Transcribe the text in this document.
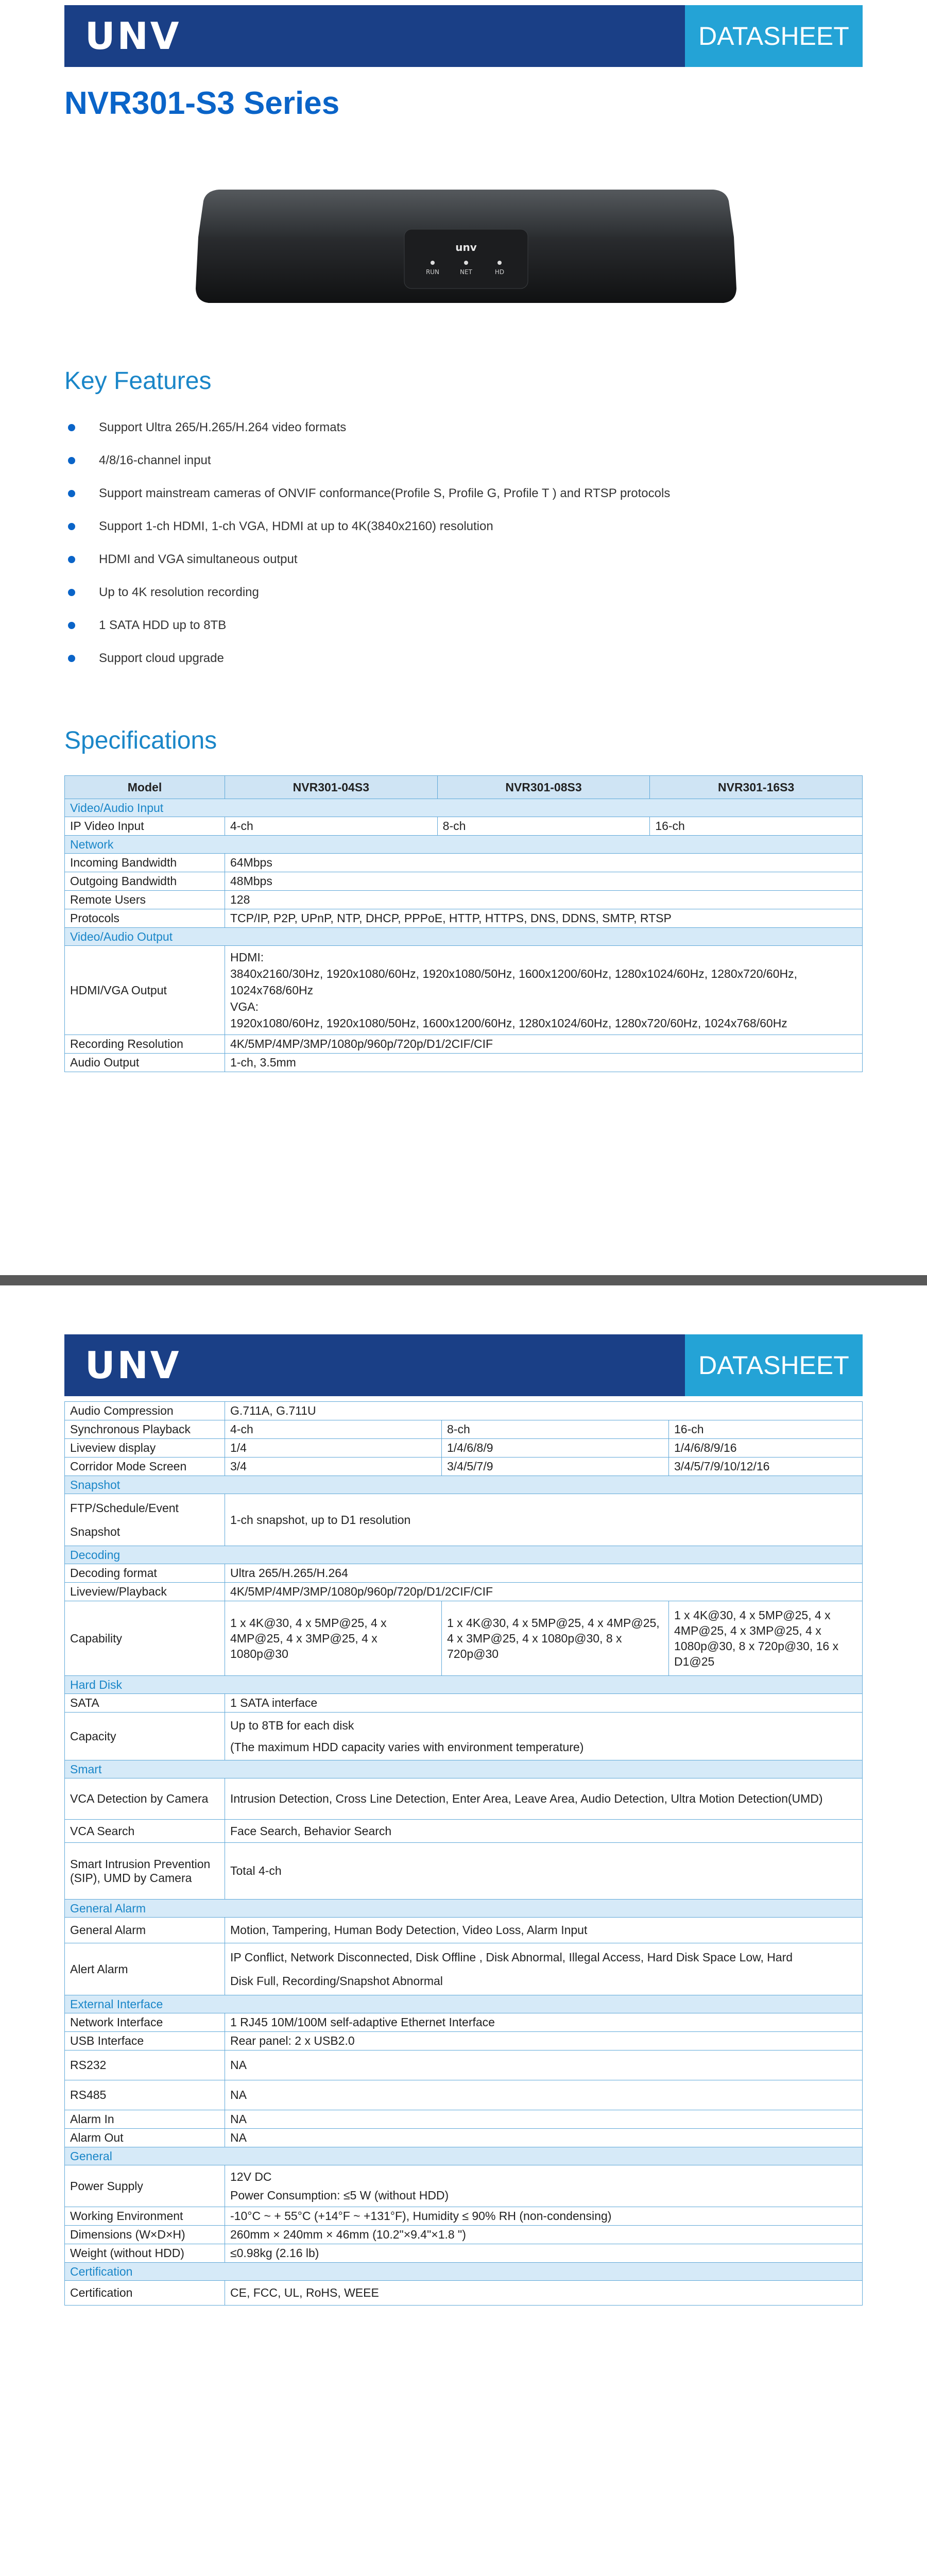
UNV	DATASHEET
NVR301-S3 Series
unv
RUN	NET	HD
Key Features
Support Ultra 265/H.265/H.264 video formats
4/8/16-channel input
Support mainstream cameras of ONVIF conformance(Profile S, Profile G, Profile T ) and RTSP protocols
Support 1-ch HDMI, 1-ch VGA, HDMI at up to 4K(3840x2160) resolution
HDMI and VGA simultaneous output
Up to 4K resolution recording
1 SATA HDD up to 8TB
Support cloud upgrade
Specifications
Model	NVR301-04S3	NVR301-08S3	NVR301-16S3
Video/Audio Input			
IP Video Input	4-ch	8-ch	16-ch
Network			
Incoming Bandwidth	64Mbps		
Outgoing Bandwidth	48Mbps		
Remote Users	128		
Protocols	TCP/IP, P2P, UPnP, NTP, DHCP, PPPoE, HTTP, HTTPS, DNS, DDNS, SMTP, RTSP		
Video/Audio Output			
HDMI/VGA Output	HDMI:
3840x2160/30Hz, 1920x1080/60Hz, 1920x1080/50Hz, 1600x1200/60Hz, 1280x1024/60Hz, 1280x720/60Hz, 1024x768/60Hz
VGA:
1920x1080/60Hz, 1920x1080/50Hz, 1600x1200/60Hz, 1280x1024/60Hz, 1280x720/60Hz, 1024x768/60Hz		

Recording Resolution	4K/5MP/4MP/3MP/1080p/960p/720p/D1/2CIF/CIF		
Audio Output	1-ch, 3.5mm		
UNV	DATASHEET
Audio Compression	G.711A, G.711U		
Synchronous Playback	4-ch	8-ch	16-ch
Liveview display	1/4	1/4/6/8/9	1/4/6/8/9/16
Corridor Mode Screen	3/4	3/4/5/7/9	3/4/5/7/9/10/12/16
Snapshot			

FTP/Schedule/Event
Snapshot	1-ch snapshot, up to D1 resolution		
Decoding			
Decoding format	Ultra 265/H.265/H.264		
Liveview/Playback	4K/5MP/4MP/3MP/1080p/960p/720p/D1/2CIF/CIF		
Capability	1 x 4K@30, 4 x 5MP@25, 4 x 4MP@25, 4 x 3MP@25, 4 x 1080p@30	1 x 4K@30, 4 x 5MP@25, 4 x 4MP@25, 4 x 3MP@25, 4 x 1080p@30, 8 x 720p@30	1 x 4K@30, 4 x 5MP@25, 4 x 4MP@25, 4 x 3MP@25, 4 x 1080p@30, 8 x 720p@30, 16 x D1@25
Hard Disk			
SATA	1 SATA interface		
Capacity	Up to 8TB for each disk
(The maximum HDD capacity varies with environment temperature)		

Smart			
VCA Detection by Camera	Intrusion Detection, Cross Line Detection, Enter Area, Leave Area, Audio Detection, Ultra Motion Detection(UMD)		
VCA Search	Face Search, Behavior Search		
Smart Intrusion Prevention (SIP), UMD by Camera	Total 4-ch		
General Alarm			
General Alarm	Motion, Tampering, Human Body Detection, Video Loss, Alarm Input		
Alert Alarm	IP Conflict, Network Disconnected, Disk Offline , Disk Abnormal, Illegal Access, Hard Disk Space Low, Hard
Disk Full, Recording/Snapshot Abnormal		

External Interface			
Network Interface	1 RJ45 10M/100M self-adaptive Ethernet Interface		
USB Interface	Rear panel: 2 x USB2.0		
RS232	NA		
RS485	NA		
Alarm In	NA		
Alarm Out	NA		
General			
Power Supply	12V DC
Power Consumption: ≤5 W (without HDD)		

Working Environment	-10°C ~ + 55°C (+14°F ~ +131°F), Humidity ≤ 90% RH (non-condensing)		
Dimensions (W×D×H)	260mm × 240mm × 46mm (10.2"×9.4"×1.8 ")		
Weight (without HDD)	≤0.98kg (2.16 lb)		
Certification			
Certification	CE, FCC, UL, RoHS, WEEE		
